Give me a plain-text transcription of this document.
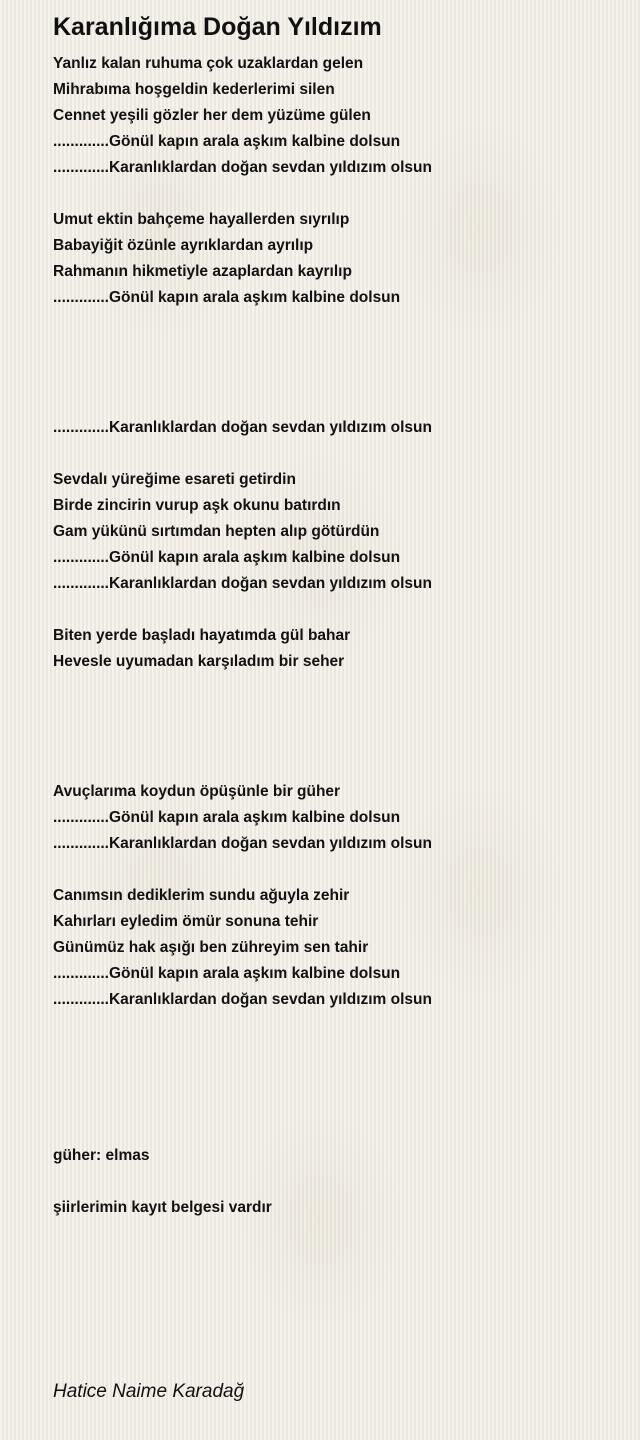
Karanlığıma Doğan Yıldızım
Yanlız kalan ruhuma çok uzaklardan gelen
Mihrabıma hoşgeldin kederlerimi silen
Cennet yeşili gözler her dem yüzüme gülen
.............Gönül kapın arala aşkım kalbine dolsun
.............Karanlıklardan doğan sevdan yıldızım olsun
Umut ektin bahçeme hayallerden sıyrılıp
Babayiğit özünle ayrıklardan ayrılıp
Rahmanın hikmetiyle azaplardan kayrılıp
.............Gönül kapın arala aşkım kalbine dolsun
.............Karanlıklardan doğan sevdan yıldızım olsun
Sevdalı yüreğime esareti getirdin
Birde zincirin vurup aşk okunu batırdın
Gam yükünü sırtımdan hepten alıp götürdün
.............Gönül kapın arala aşkım kalbine dolsun
.............Karanlıklardan doğan sevdan yıldızım olsun
Biten yerde başladı hayatımda gül bahar
Hevesle uyumadan karşıladım bir seher
Avuçlarıma koydun öpüşünle bir güher
.............Gönül kapın arala aşkım kalbine dolsun
.............Karanlıklardan doğan sevdan yıldızım olsun
Canımsın dediklerim sundu ağuyla zehir
Kahırları eyledim ömür sonuna tehir
Günümüz hak aşığı ben zühreyim sen tahir
.............Gönül kapın arala aşkım kalbine dolsun
.............Karanlıklardan doğan sevdan yıldızım olsun
güher: elmas
şiirlerimin kayıt belgesi vardır
Hatice Naime Karadağ
